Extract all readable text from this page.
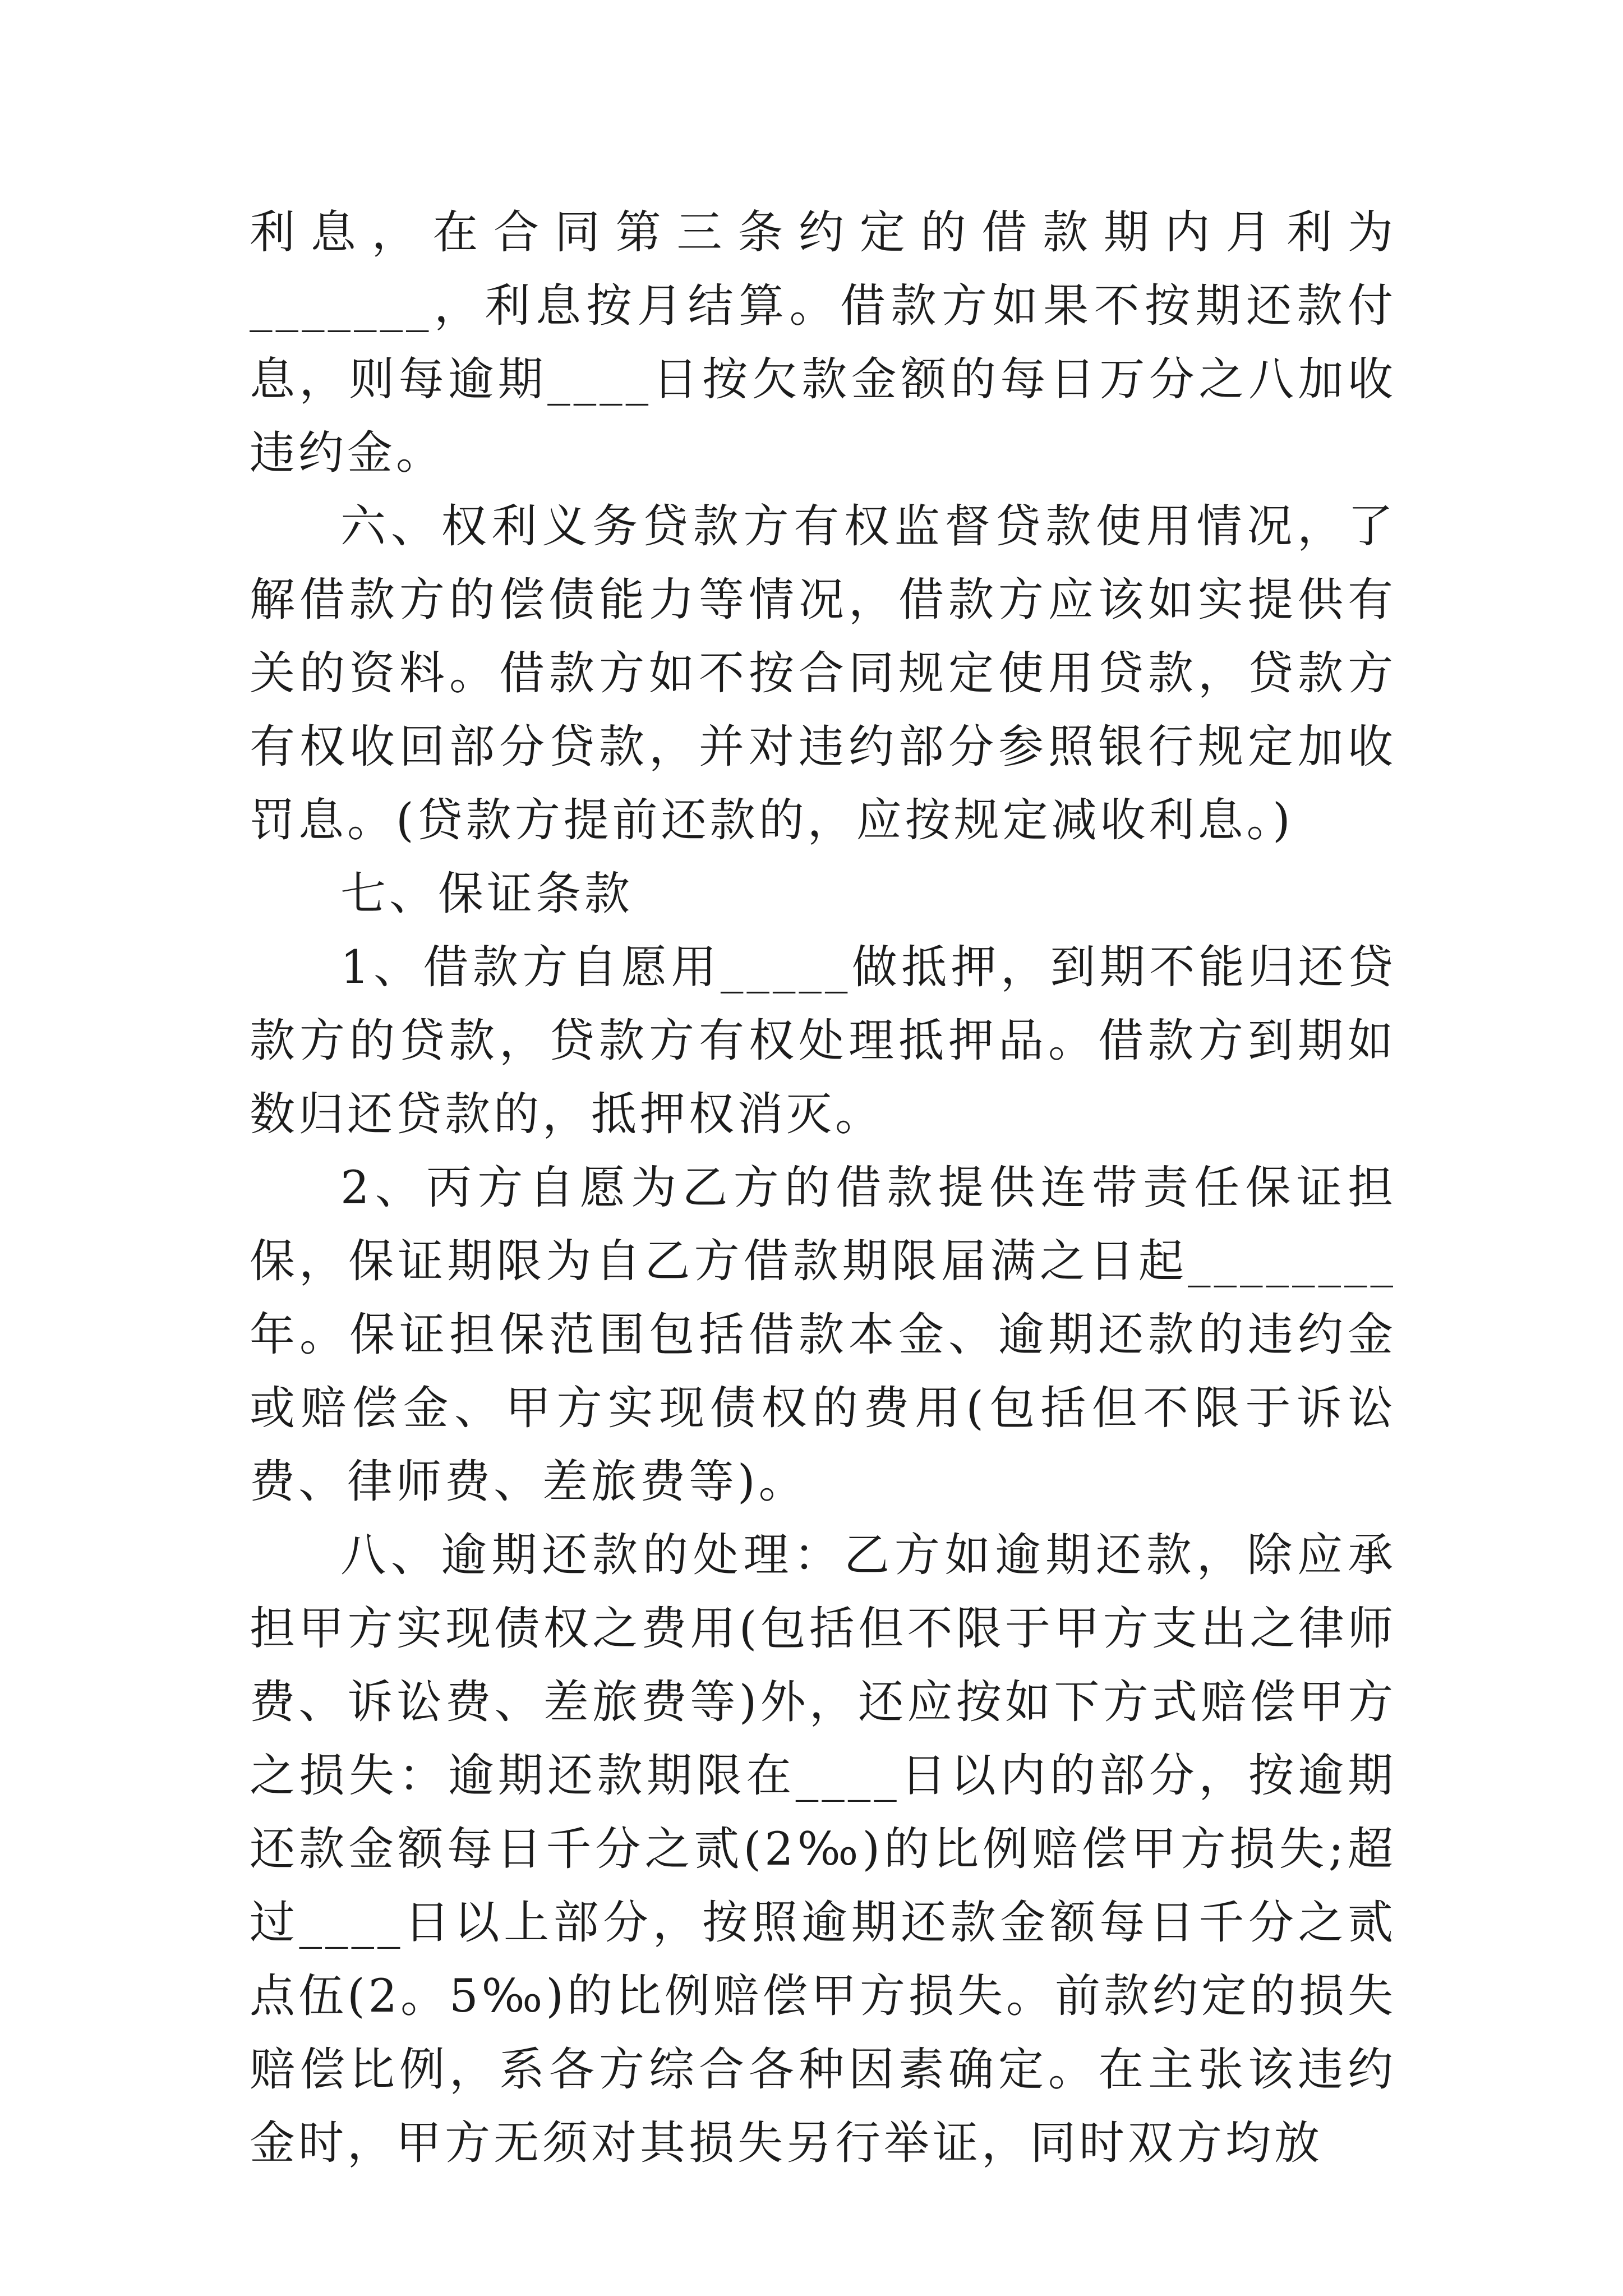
利息，在合同第三条约定的借款期内月利为_______，利息按月结算。借款方如果不按期还款付息，则每逾期____日按欠款金额的每日万分之八加收违约金。

六、权利义务贷款方有权监督贷款使用情况，了解借款方的偿债能力等情况，借款方应该如实提供有关的资料。借款方如不按合同规定使用贷款，贷款方有权收回部分贷款，并对违约部分参照银行规定加收罚息。(贷款方提前还款的，应按规定减收利息。)

七、保证条款

1、借款方自愿用_____做抵押，到期不能归还贷款方的贷款，贷款方有权处理抵押品。借款方到期如数归还贷款的，抵押权消灭。

2、丙方自愿为乙方的借款提供连带责任保证担保，保证期限为自乙方借款期限届满之日起________年。保证担保范围包括借款本金、逾期还款的违约金或赔偿金、甲方实现债权的费用(包括但不限于诉讼费、律师费、差旅费等)。

八、逾期还款的处理：乙方如逾期还款，除应承担甲方实现债权之费用(包括但不限于甲方支出之律师费、诉讼费、差旅费等)外，还应按如下方式赔偿甲方之损失：逾期还款期限在____日以内的部分，按逾期还款金额每日千分之贰(2‰)的比例赔偿甲方损失;超过____日以上部分，按照逾期还款金额每日千分之贰点伍(2。5‰)的比例赔偿甲方损失。前款约定的损失赔偿比例，系各方综合各种因素确定。在主张该违约金时，甲方无须对其损失另行举证，同时双方均放
